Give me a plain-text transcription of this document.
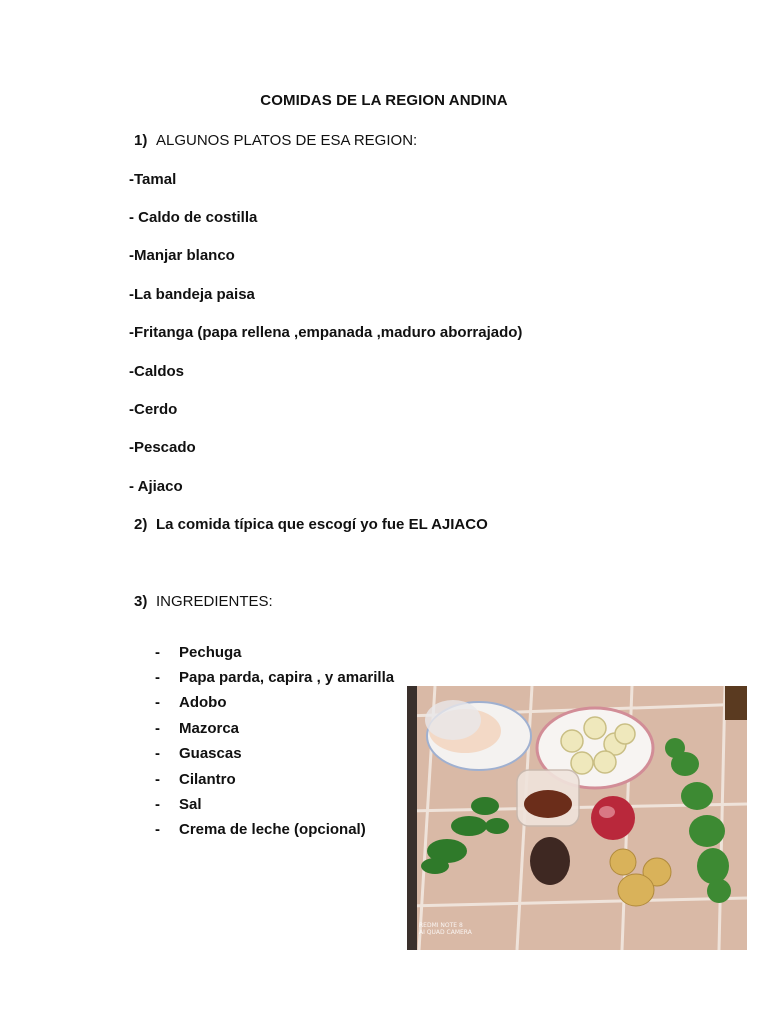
COMIDAS DE LA REGION ANDINA
1) ALGUNOS PLATOS DE ESA REGION:
-Tamal
- Caldo de costilla
-Manjar blanco
-La bandeja paisa
-Fritanga (papa rellena ,empanada ,maduro aborrajado)
-Caldos
-Cerdo
-Pescado
- Ajiaco
2) La comida típica que escogí yo fue EL AJIACO
3) INGREDIENTES:
- Pechuga
- Papa parda, capira , y amarilla
- Adobo
- Mazorca
- Guascas
- Cilantro
- Sal
- Crema de leche (opcional)
REDMI NOTE 8
AI QUAD CAMERA
